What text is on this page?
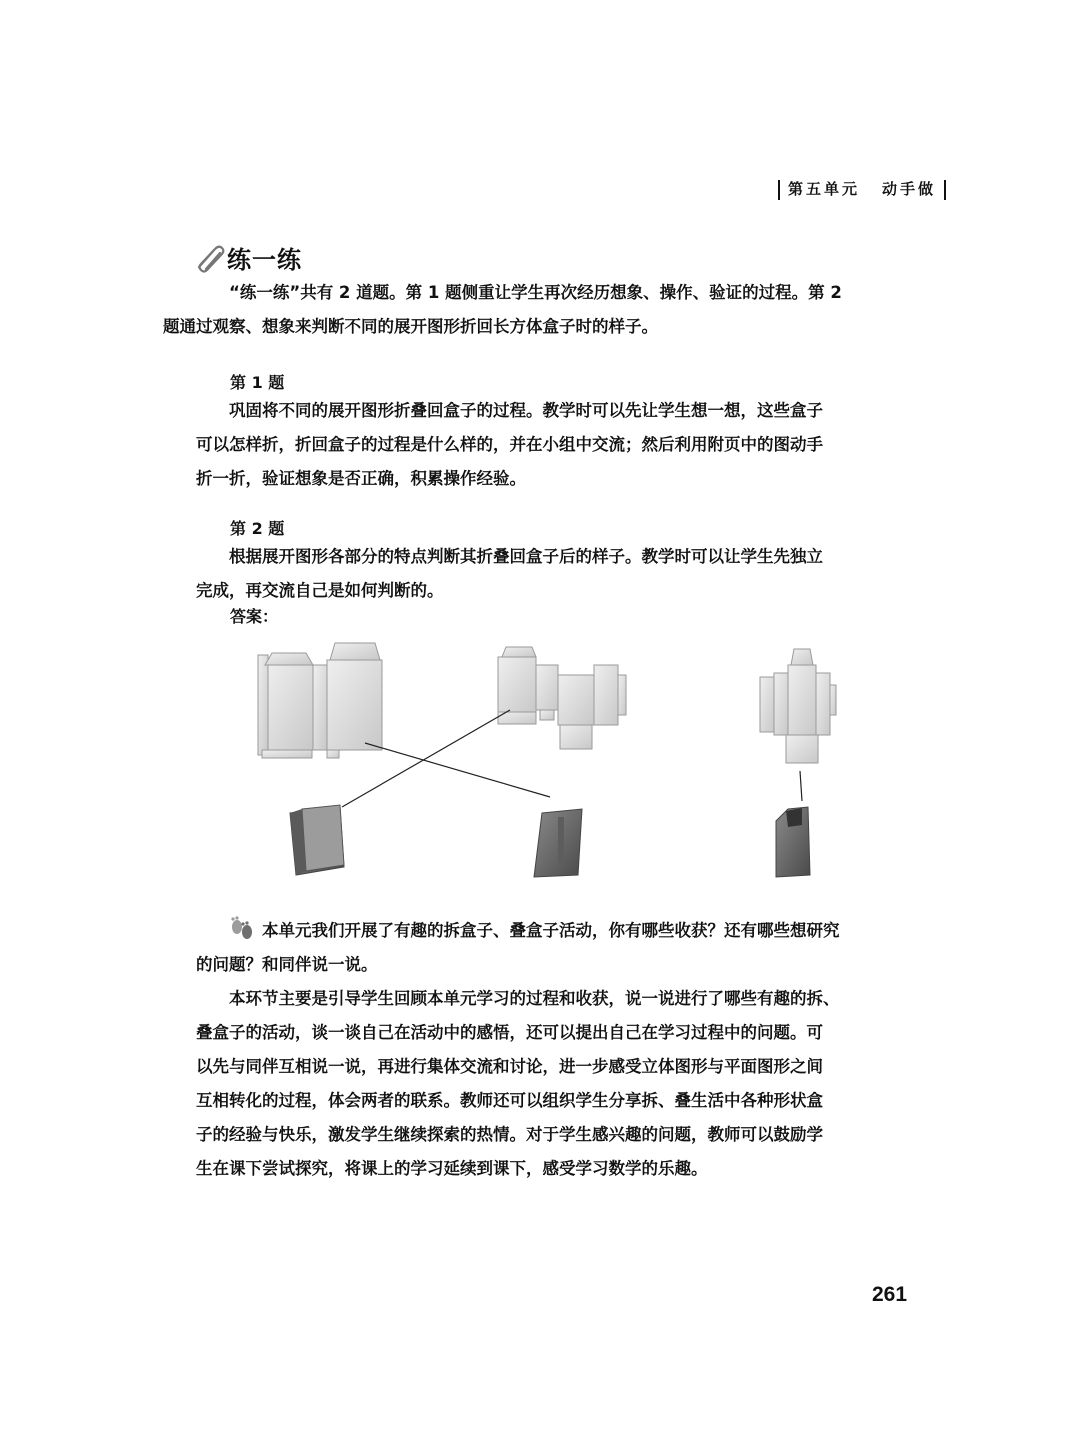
第五单元 动手做
练一练
“练一练”共有 2 道题。第 1 题侧重让学生再次经历想象、操作、验证的过程。第 2
题通过观察、想象来判断不同的展开图形折回长方体盒子时的样子。
第 1 题
巩固将不同的展开图形折叠回盒子的过程。教学时可以先让学生想一想，这些盒子
可以怎样折，折回盒子的过程是什么样的，并在小组中交流；然后利用附页中的图动手
折一折，验证想象是否正确，积累操作经验。
第 2 题
根据展开图形各部分的特点判断其折叠回盒子后的样子。教学时可以让学生先独立
完成，再交流自己是如何判断的。
答案：
本单元我们开展了有趣的拆盒子、叠盒子活动，你有哪些收获？还有哪些想研究
的问题？和同伴说一说。
本环节主要是引导学生回顾本单元学习的过程和收获，说一说进行了哪些有趣的拆、
叠盒子的活动，谈一谈自己在活动中的感悟，还可以提出自己在学习过程中的问题。可
以先与同伴互相说一说，再进行集体交流和讨论，进一步感受立体图形与平面图形之间
互相转化的过程，体会两者的联系。教师还可以组织学生分享拆、叠生活中各种形状盒
子的经验与快乐，激发学生继续探索的热情。对于学生感兴趣的问题，教师可以鼓励学
生在课下尝试探究，将课上的学习延续到课下，感受学习数学的乐趣。
261
